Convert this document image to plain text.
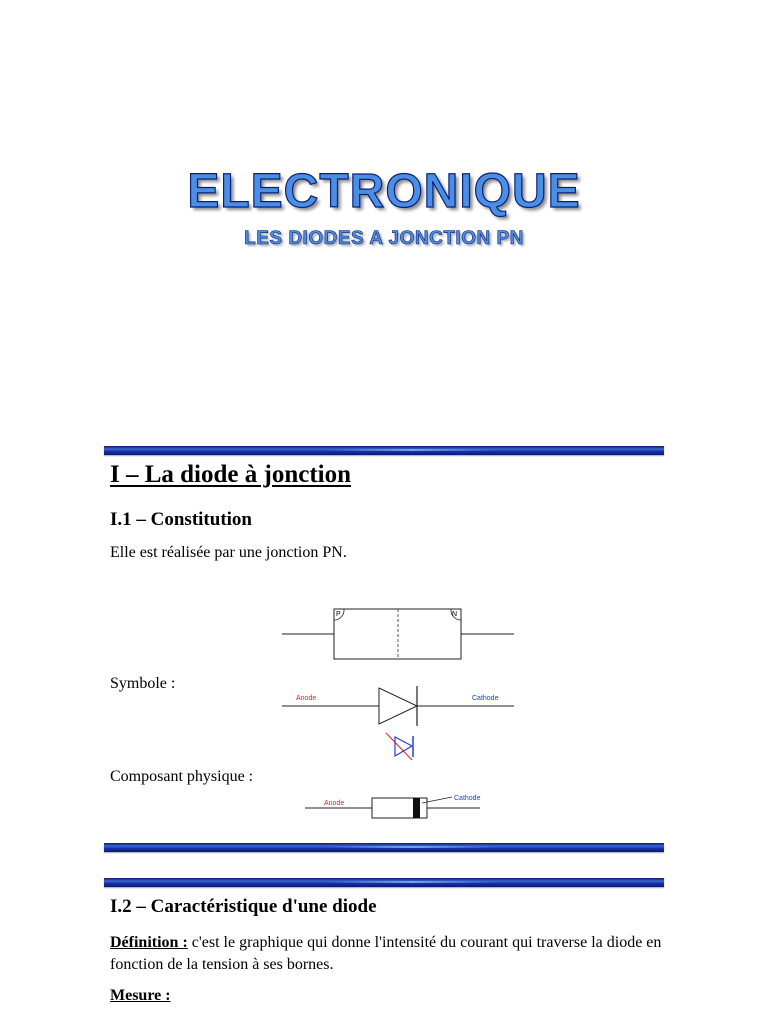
ELECTRONIQUE
LES DIODES A JONCTION PN
I – La diode à jonction
I.1 – Constitution
Elle est réalisée par une jonction PN.
P	N
Anode	Cathode
Anode
Cathode
Symbole :
Composant physique :
I.2 – Caractéristique d'une diode
Définition : c'est le graphique qui donne l'intensité du courant qui traverse la diode en fonction de la tension à ses bornes.
Mesure :
